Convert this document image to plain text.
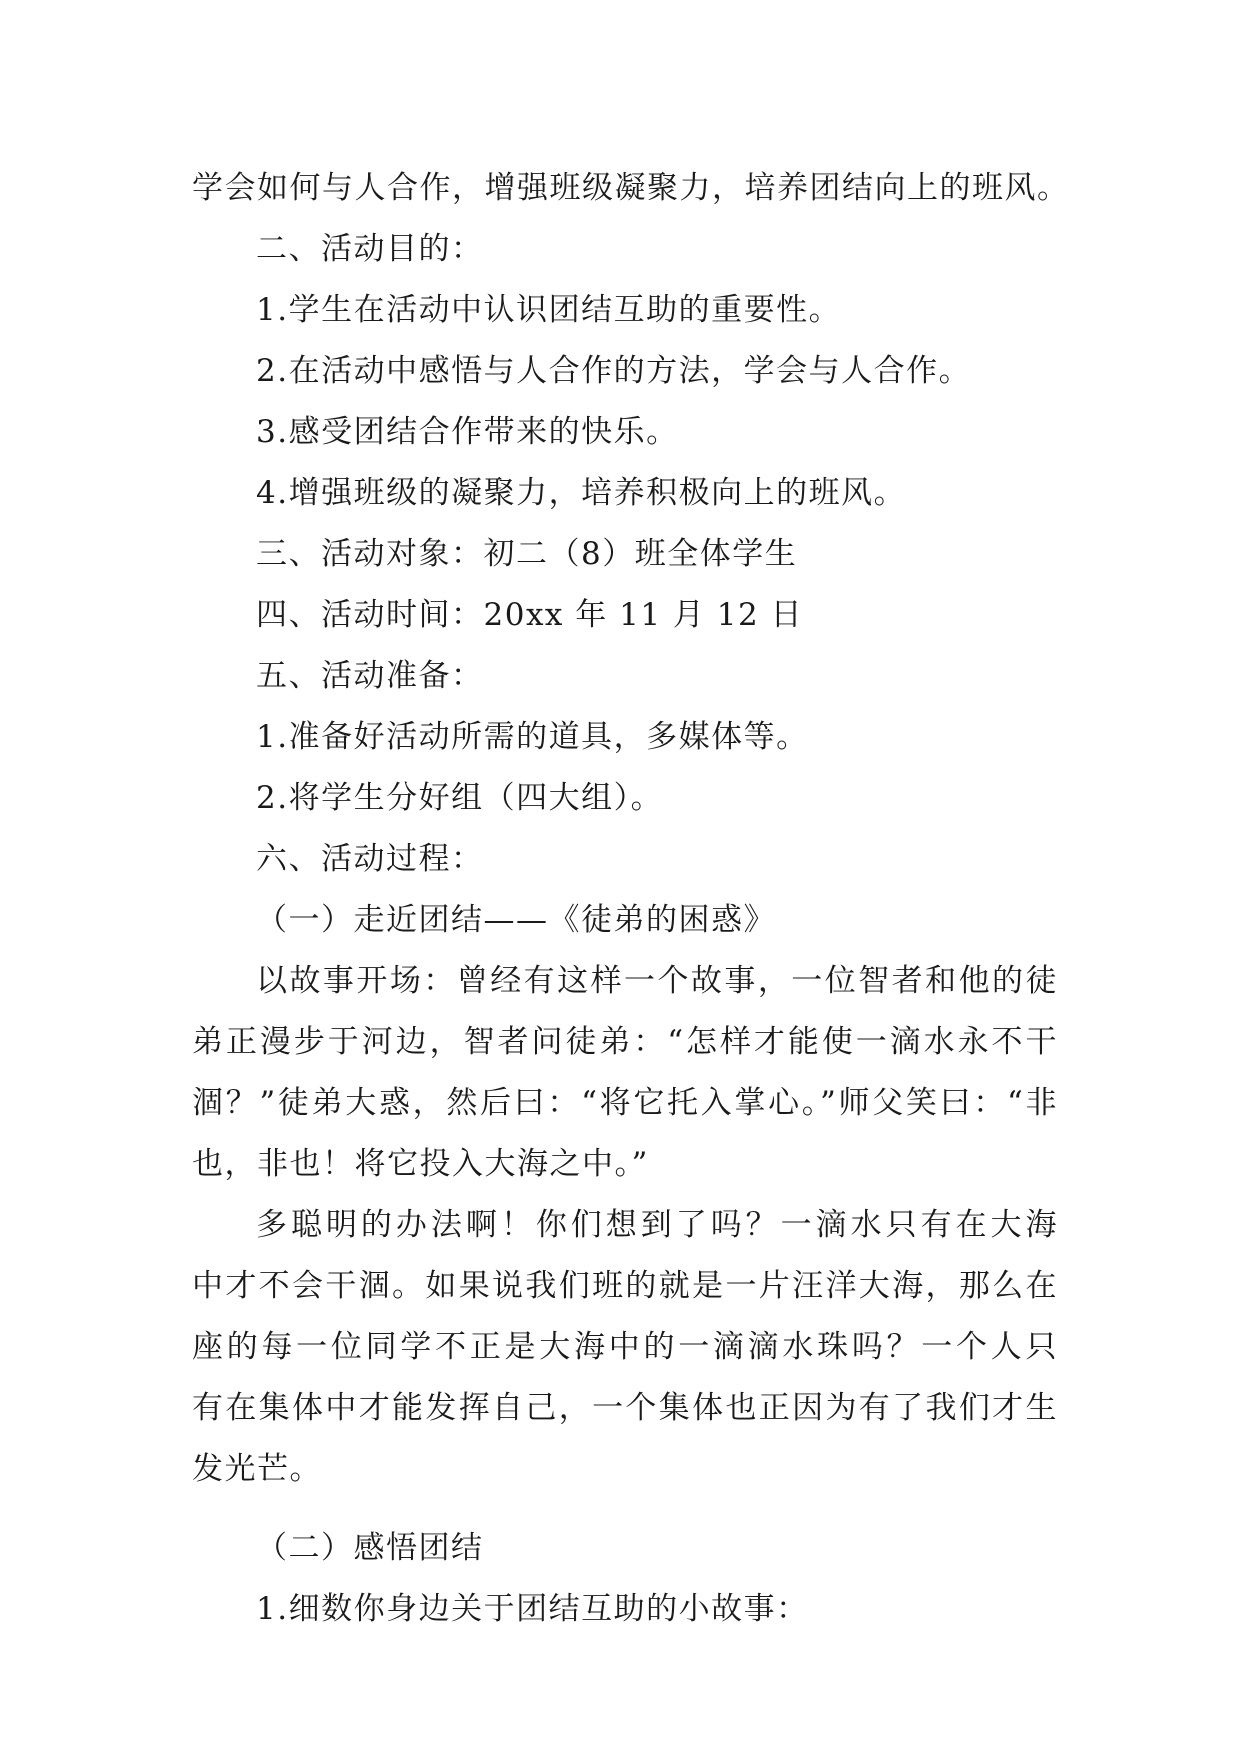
学会如何与人合作，增强班级凝聚力，培养团结向上的班风。
二、活动目的：
1.学生在活动中认识团结互助的重要性。
2.在活动中感悟与人合作的方法，学会与人合作。
3.感受团结合作带来的快乐。
4.增强班级的凝聚力，培养积极向上的班风。
三、活动对象：初二（8）班全体学生
四、活动时间：20xx 年 11 月 12 日
五、活动准备：
1.准备好活动所需的道具，多媒体等。
2.将学生分好组（四大组）。
六、活动过程：
（一）走近团结——《徒弟的困惑》
以故事开场：曾经有这样一个故事，一位智者和他的徒
弟正漫步于河边，智者问徒弟：“怎样才能使一滴水永不干
涸？”徒弟大惑，然后曰：“将它托入掌心。”师父笑曰：“非
也，非也！将它投入大海之中。”
多聪明的办法啊！你们想到了吗？一滴水只有在大海
中才不会干涸。如果说我们班的就是一片汪洋大海，那么在
座的每一位同学不正是大海中的一滴滴水珠吗？一个人只
有在集体中才能发挥自己，一个集体也正因为有了我们才生
发光芒。
（二）感悟团结
1.细数你身边关于团结互助的小故事：
